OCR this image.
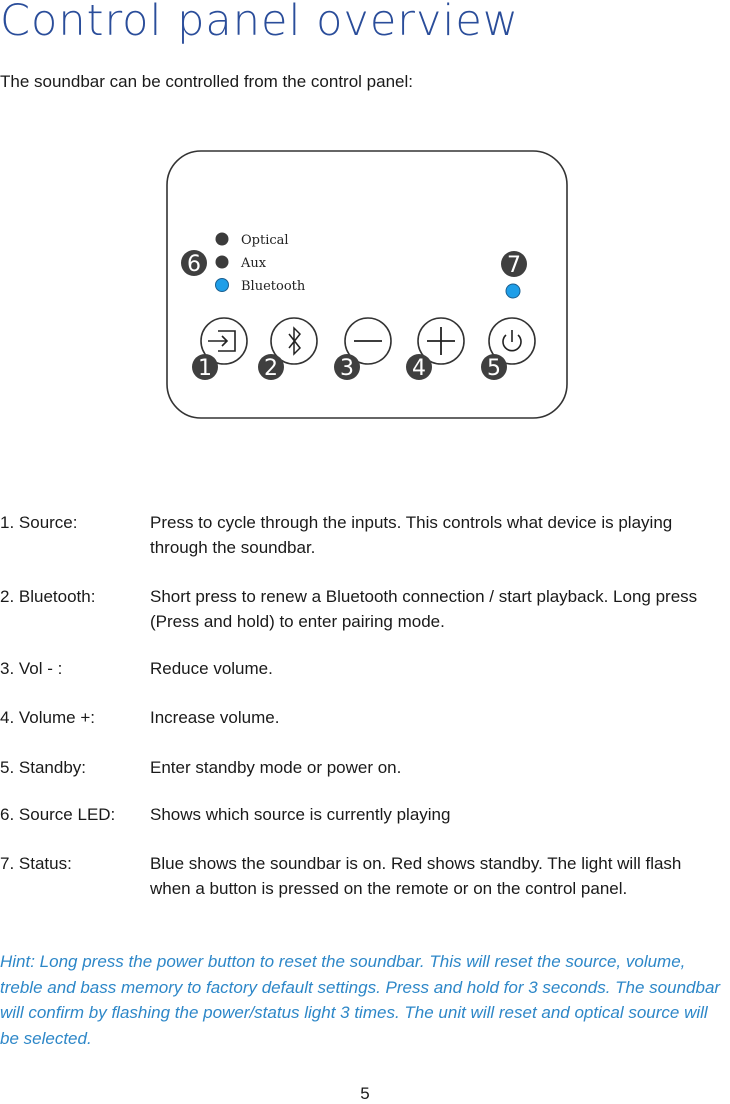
Control panel overview

The soundbar can be controlled from the control panel:

Optical
Aux
Bluetooth
1 2	3	4	5
6	7
1. Source:	Press to cycle through the inputs. This controls what device is playing through the soundbar.
2. Bluetooth:	Short press to renew a Bluetooth connection / start playback. Long press (Press and hold) to enter pairing mode.
3. Vol - :	Reduce volume.
4. Volume +:	Increase volume.
5. Standby:	Enter standby mode or power on.
6. Source LED:	Shows which source is currently playing
7. Status:	Blue shows the soundbar is on. Red shows standby. The light will flash when a button is pressed on the remote or on the control panel.

Hint: Long press the power button to reset the soundbar. This will reset the source, volume, treble and bass memory to factory default settings. Press and hold for 3 seconds. The soundbar will confirm by flashing the power/status light 3 times. The unit will reset and optical source will be selected.

5
